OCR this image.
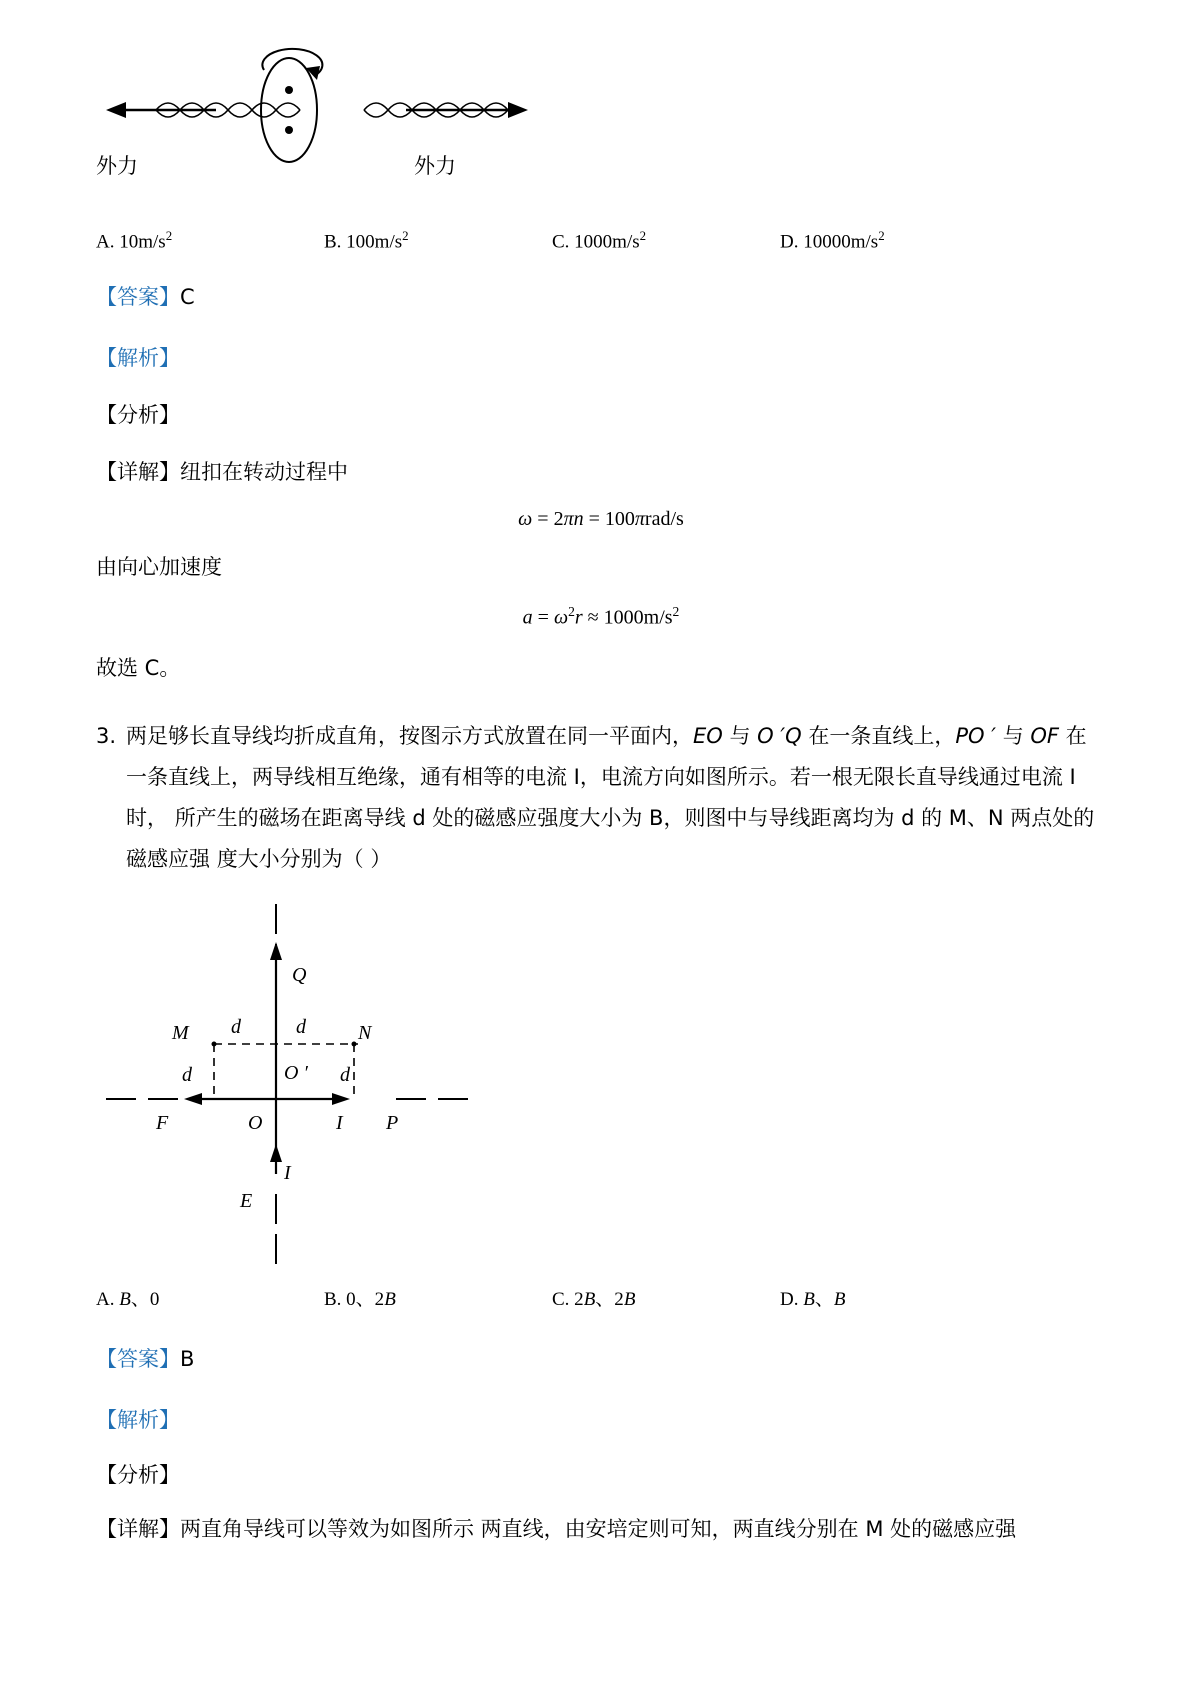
外力	外力
A. $10m/s^2$	B. $100m/s^2$	C. $1000m/s^2$	D. $10000m/s^2$

【答案】C

【解析】

【分析】

【详解】纽扣在转动过程中

ω = 2πn = 100πrad/s

由向心加速度

$a = \omega^2r \approx 1000m/s^2$

故选 C。

3. 两足够长直导线均折成直角，按图示方式放置在同一平面内，EO 与 O ′Q 在一条直线上，PO ′ 与 OF 在 一条直线上，两导线相互绝缘，通有相等的电流 I，电流方向如图所示。若一根无限长直导线通过电流 I 时， 所产生的磁场在距离导线 d 处的磁感应强度大小为 B，则图中与导线距离均为 d 的 M、N 两点处的磁感应强 度大小分别为（ ）
Q
M	N
d	d
d	d
O ′
F	O	I P
I
E
A. B、0	B. 0、2B	C. 2B、2B	D. B、B

【答案】B

【解析】

【分析】

【详解】两直角导线可以等效为如图所示 两直线，由安培定则可知，两直线分别在 M 处的磁感应强
